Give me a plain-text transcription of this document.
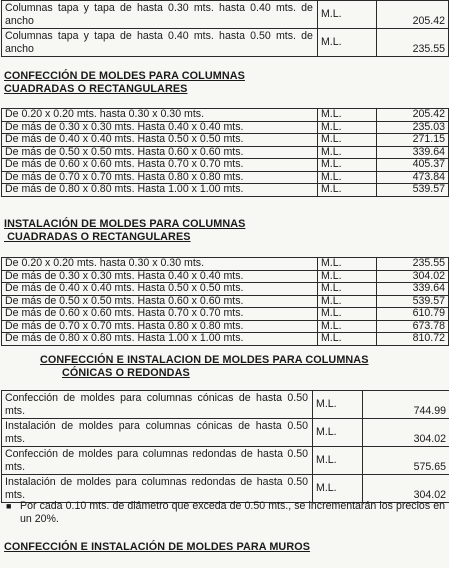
Columnas tapa y tapa de hasta 0.30 mts. hasta 0.40 mts. de ancho	M.L.	205.42
Columnas tapa y tapa de hasta 0.40 mts. hasta 0.50 mts. de ancho	M.L.	235.55
CONFECCIÓN DE MOLDES PARA COLUMNAS
CUADRADAS O RECTANGULARES
De 0.20 x 0.20 mts. hasta 0.30 x 0.30 mts.	M.L.	205.42
De más de 0.30 x 0.30 mts. Hasta 0.40 x 0.40 mts.	M.L.	235.03
De más de 0.40 x 0.40 mts. Hasta 0.50 x 0.50 mts.	M.L.	271.15
De más de 0.50 x 0.50 mts. Hasta 0.60 x 0.60 mts.	M.L.	339.64
De más de 0.60 x 0.60 mts. Hasta 0.70 x 0.70 mts.	M.L.	405.37
De más de 0.70 x 0.70 mts. Hasta 0.80 x 0.80 mts.	M.L.	473.84
De más de 0.80 x 0.80 mts. Hasta 1.00 x 1.00 mts.	M.L.	539.57
INSTALACIÓN DE MOLDES PARA COLUMNAS
CUADRADAS O RECTANGULARES
De 0.20 x 0.20 mts. hasta 0.30 x 0.30 mts.	M.L.	235.55
De más de 0.30 x 0.30 mts. Hasta 0.40 x 0.40 mts.	M.L.	304.02
De más de 0.40 x 0.40 mts. Hasta 0.50 x 0.50 mts.	M.L.	339.64
De más de 0.50 x 0.50 mts. Hasta 0.60 x 0.60 mts.	M.L.	539.57
De más de 0.60 x 0.60 mts. Hasta 0.70 x 0.70 mts.	M.L.	610.79
De más de 0.70 x 0.70 mts. Hasta 0.80 x 0.80 mts.	M.L.	673.78
De más de 0.80 x 0.80 mts. Hasta 1.00 x 1.00 mts.	M.L.	810.72
CONFECCIÓN E INSTALACION DE MOLDES PARA COLUMNAS
CÓNICAS O REDONDAS
Confección de moldes para columnas cónicas de hasta 0.50 mts.	M.L.	744.99
Instalación de moldes para columnas cónicas de hasta 0.50 mts.	M.L.	304.02
Confección de moldes para columnas redondas de hasta 0.50 mts.	M.L.	575.65
Instalación de moldes para columnas redondas de hasta 0.50 mts.	M.L.	304.02
■ Por cada 0.10 mts. de diámetro que exceda de 0.50 mts., se incrementarán los precios en un 20%.
CONFECCIÓN E INSTALACIÓN DE MOLDES PARA MUROS
